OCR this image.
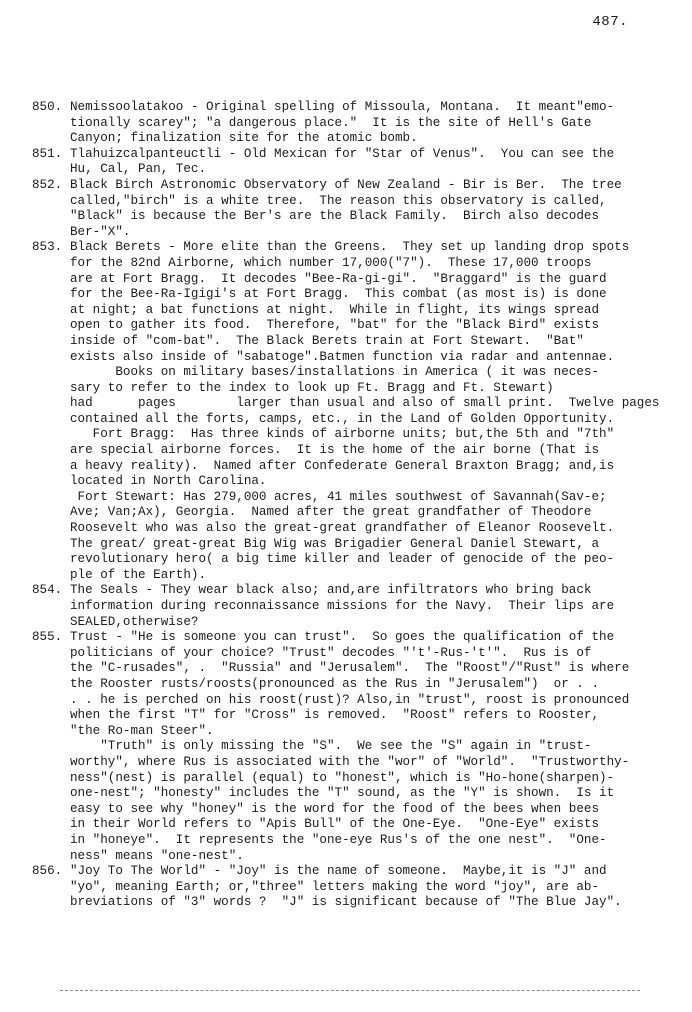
487.
850. Nemissoolatakoo - Original spelling of Missoula, Montana.  It meant"emo-
tionally scarey"; "a dangerous place."  It is the site of Hell's Gate
Canyon; finalization site for the atomic bomb.
851. Tlahuizcalpanteuctli - Old Mexican for "Star of Venus".  You can see the
Hu, Cal, Pan, Tec.
852. Black Birch Astronomic Observatory of New Zealand - Bir is Ber.  The tree
called,"birch" is a white tree.  The reason this observatory is called,
"Black" is because the Ber's are the Black Family.  Birch also decodes
Ber-"X".
853. Black Berets - More elite than the Greens.  They set up landing drop spots
for the 82nd Airborne, which number 17,000("7").  These 17,000 troops
are at Fort Bragg.  It decodes "Bee-Ra-gi-gi".  "Braggard" is the guard
for the Bee-Ra-Igigi's at Fort Bragg.  This combat (as most is) is done
at night; a bat functions at night.  While in flight, its wings spread
open to gather its food.  Therefore, "bat" for the "Black Bird" exists
inside of "com-bat".  The Black Berets train at Fort Stewart.  "Bat"
exists also inside of "sabatoge".Batmen function via radar and antennae.
Books on military bases/installations in America ( it was neces-
sary to refer to the index to look up Ft. Bragg and Ft. Stewart)
had      pages        larger than usual and also of small print.  Twelve pages
contained all the forts, camps, etc., in the Land of Golden Opportunity.
Fort Bragg:  Has three kinds of airborne units; but,the 5th and "7th"
are special airborne forces.  It is the home of the air borne (That is
a heavy reality).  Named after Confederate General Braxton Bragg; and,is
located in North Carolina.
Fort Stewart: Has 279,000 acres, 41 miles southwest of Savannah(Sav-e;
Ave; Van;Ax), Georgia.  Named after the great grandfather of Theodore
Roosevelt who was also the great-great grandfather of Eleanor Roosevelt.
The great/ great-great Big Wig was Brigadier General Daniel Stewart, a
revolutionary hero( a big time killer and leader of genocide of the peo-
ple of the Earth).
854. The Seals - They wear black also; and,are infiltrators who bring back
information during reconnaissance missions for the Navy.  Their lips are
SEALED,otherwise?
855. Trust - "He is someone you can trust".  So goes the qualification of the
politicians of your choice? "Trust" decodes "'t'-Rus-'t'".  Rus is of
the "C-rusades", .  "Russia" and "Jerusalem".  The "Roost"/"Rust" is where
the Rooster rusts/roosts(pronounced as the Rus in "Jerusalem")  or . .
. . he is perched on his roost(rust)? Also,in "trust", roost is pronounced
when the first "T" for "Cross" is removed.  "Roost" refers to Rooster,
"the Ro-man Steer".
"Truth" is only missing the "S".  We see the "S" again in "trust-
worthy", where Rus is associated with the "wor" of "World".  "Trustworthy-
ness"(nest) is parallel (equal) to "honest", which is "Ho-hone(sharpen)-
one-nest"; "honesty" includes the "T" sound, as the "Y" is shown.  Is it
easy to see why "honey" is the word for the food of the bees when bees
in their World refers to "Apis Bull" of the One-Eye.  "One-Eye" exists
in "honeye".  It represents the "one-eye Rus's of the one nest".  "One-
ness" means "one-nest".
856. "Joy To The World" - "Joy" is the name of someone.  Maybe,it is "J" and
"yo", meaning Earth; or,"three" letters making the word "joy", are ab-
breviations of "3" words ?  "J" is significant because of "The Blue Jay".
